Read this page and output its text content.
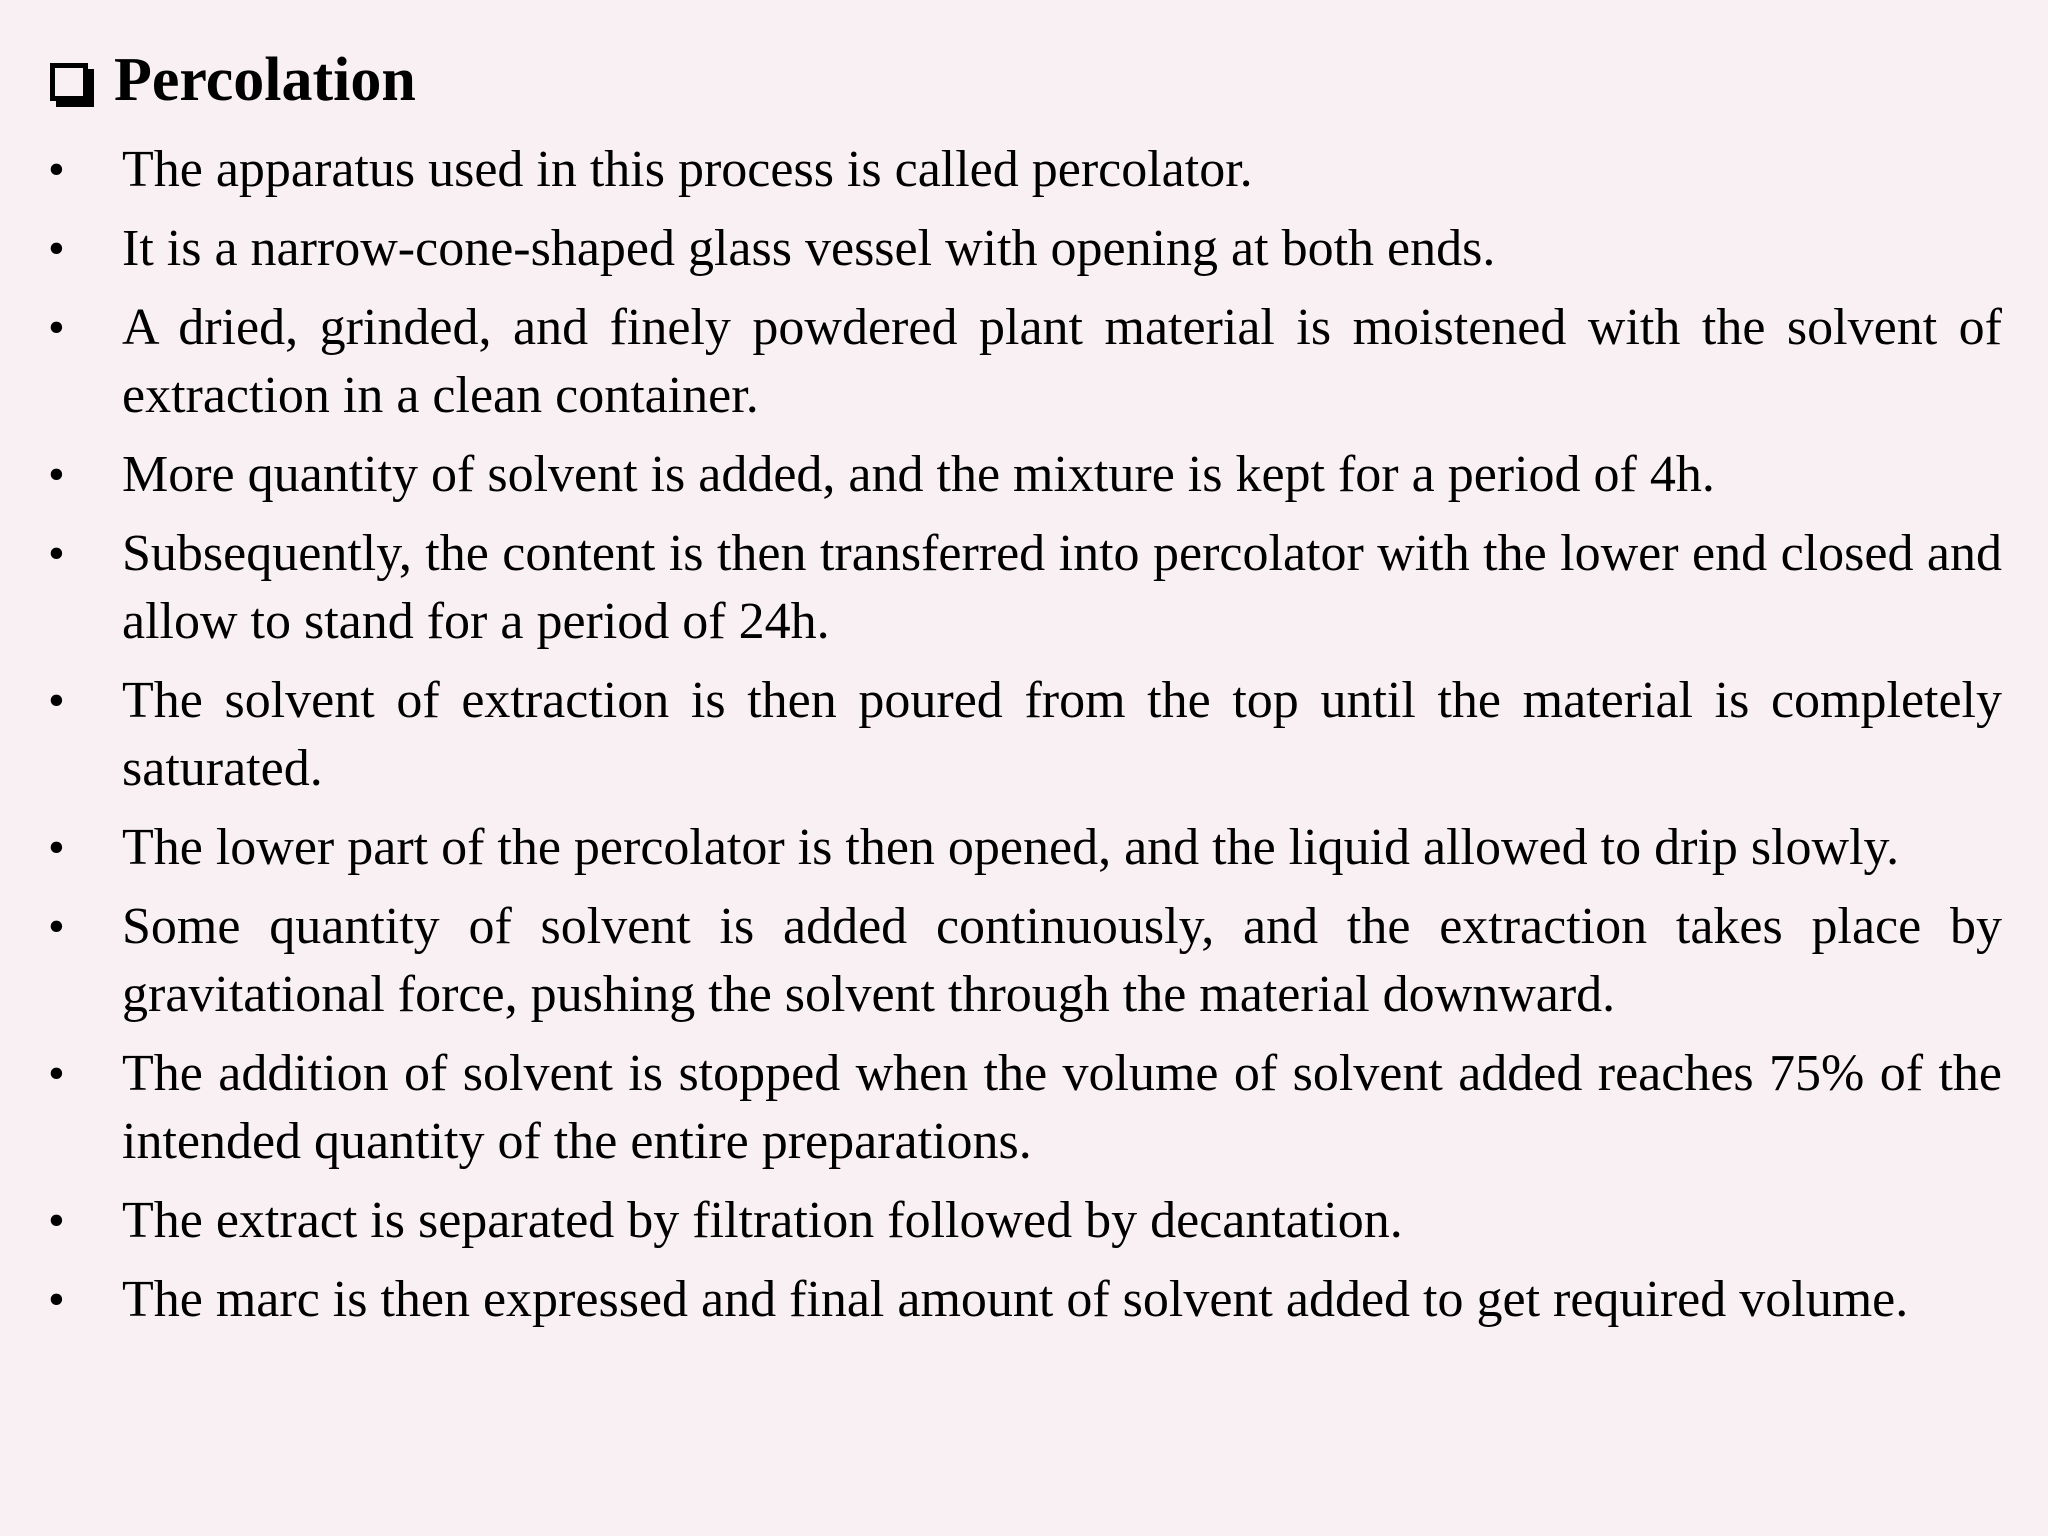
Percolation
• The apparatus used in this process is called percolator.
• It is a narrow-cone-shaped glass vessel with opening at both ends.
• A dried, grinded, and finely powdered plant material is moistened with the solvent of extraction in a clean container.
• More quantity of solvent is added, and the mixture is kept for a period of 4h.
• Subsequently, the content is then transferred into percolator with the lower end closed and allow to stand for a period of 24h.
• The solvent of extraction is then poured from the top until the material is completely saturated.
• The lower part of the percolator is then opened, and the liquid allowed to drip slowly.
• Some quantity of solvent is added continuously, and the extraction takes place by gravitational force, pushing the solvent through the material downward.
• The addition of solvent is stopped when the volume of solvent added reaches 75% of the intended quantity of the entire preparations.
• The extract is separated by filtration followed by decantation.
• The marc is then expressed and final amount of solvent added to get required volume.
